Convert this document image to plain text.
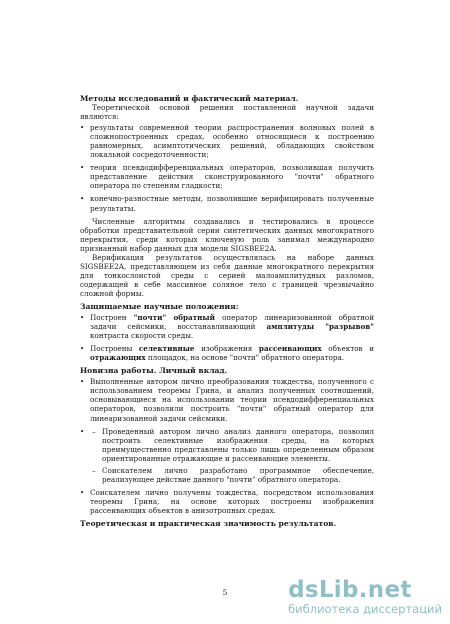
Методы исследований и фактический материал.

Теоретической основой решения поставленной научной задачи являются:

• результаты современной теории распространения волновых полей в сложнопостроенных средах, особенно относящиеся к построению равномерных, асимптотических решений, обладающих свойством локальной сосредоточенности;
• теория псевдодифференциальных операторов, позволившая получить представление действия сконструированного "почти" обратного оператора по степеням гладкости;
• конечно-разностные методы, позволившие верифицировать полученные результаты.

Численные алгоритмы создавались и тестировались в процессе обработки представительной серии синтетических данных многократного перекрытия, среди которых ключевую роль занимал международно признанный набор данных для модели SIGSBEE2A.

Верификация результатов осуществлялась на наборе данных SIGSBEE2A, представляющем из себя данные многократного перекрытия для тонкослоистой среды с серией малоамплитудных разломов, содержащей в себе массивное соляное тело с границей чрезвычайно сложной формы.

Защищаемые научные положения:

• Построен "почти" обратный оператор линеаризованной обратной задачи сейсмики, восстанавливающий амплитуды "разрывов" контраста скорости среды.
• Построены селективные изображения рассеивающих объектов и отражающих площадок, на основе "почти" обратного оператора.

Новизна работы. Личный вклад.

• Выполненные автором лично преобразования тождества, полученного с использованием теоремы Грина, и анализ полученных соотношений, основывающиеся на использовании теории псевдодифференциальных операторов, позволили построить "почти" обратный оператор для линеаризованной задачи сейсмики.
– • Проведенный автором лично анализ данного оператора, позволил построить селективные изображения среды, на которых преимущественно представлены только лишь определенным образом ориентированные отражающие и рассеивающие элементы.
– Соискателем лично разработано программное обеспечение, реализующее действие данного "почти" обратного оператора.
• Соискателем лично получены тождества, посредством использования теоремы Грина, на основе которых построены изображения рассеивающих объектов в анизотропных средах.

Теоретическая и практическая значимость результатов.

5	dsLib.net
библиотека диссертаций
